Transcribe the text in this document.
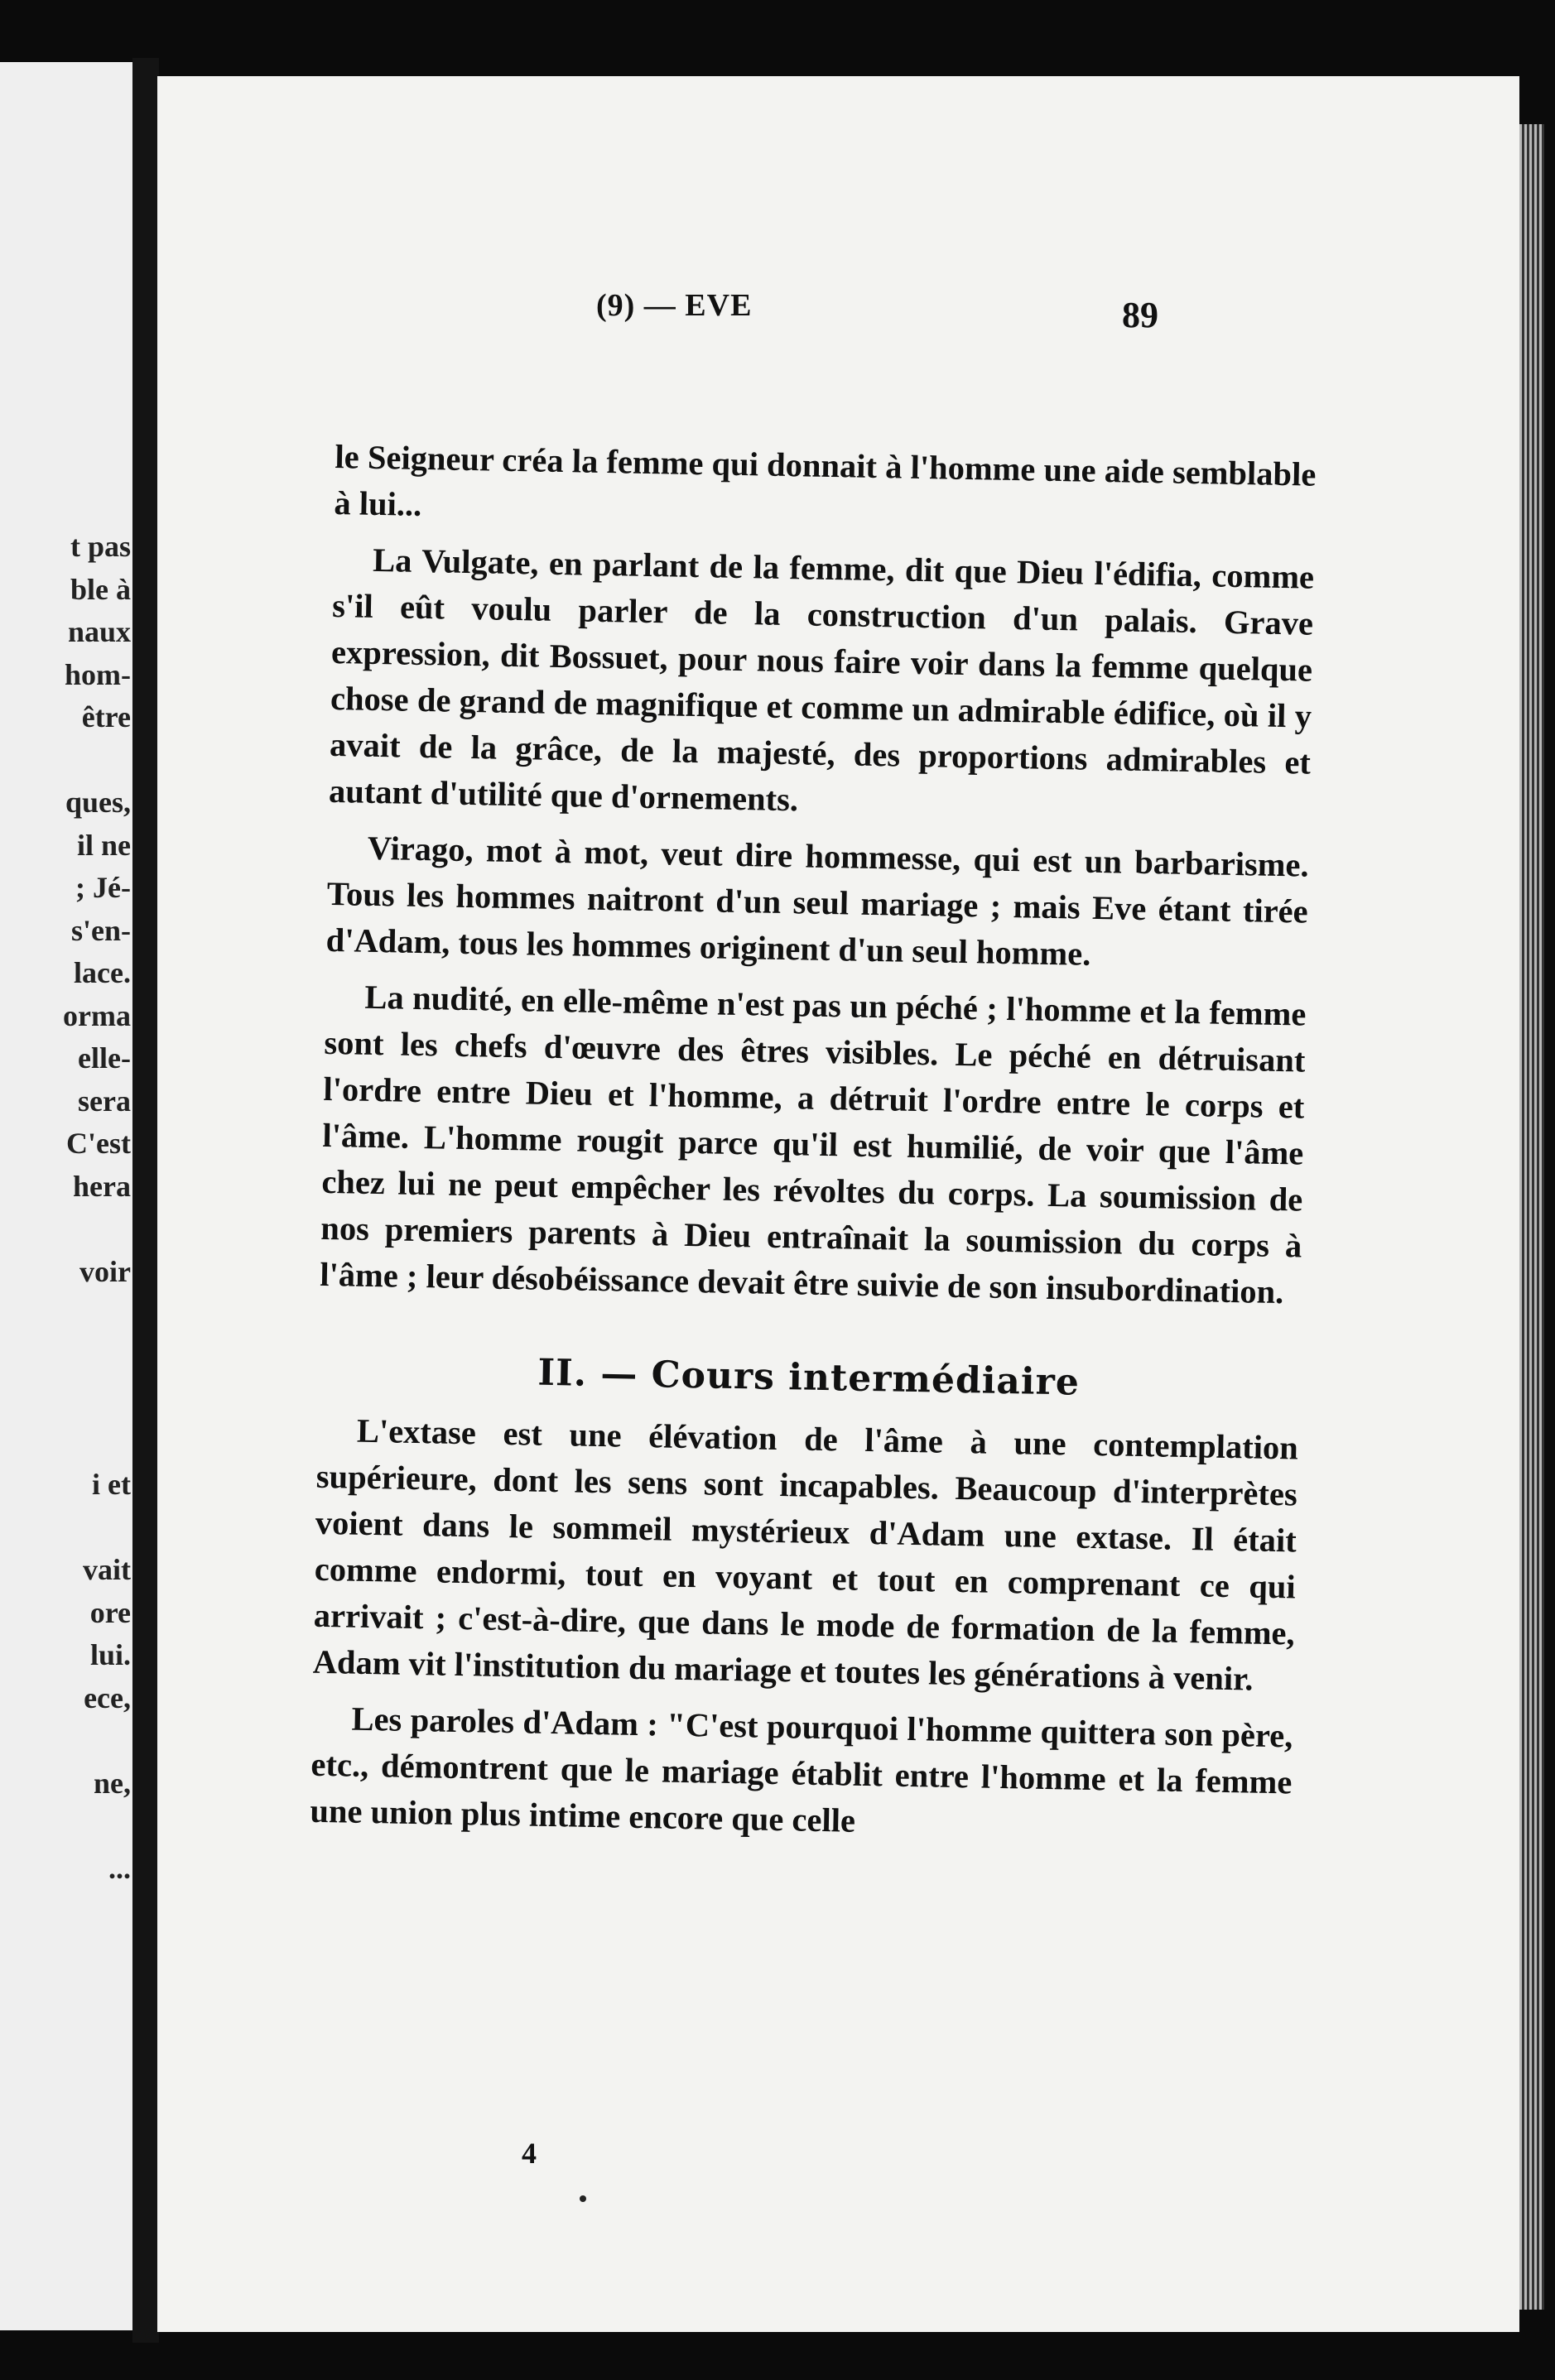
t pas
ble à
naux
hom-
être
ques,
il ne
; Jé-
s'en-
lace.
orma
elle-
sera
C'est
hera
voir
i et
vait
ore
lui.
ece,
ne,
...
(9) — EVE	89

le Seigneur créa la femme qui donnait à l'homme une aide semblable à lui...

La Vulgate, en parlant de la femme, dit que Dieu l'édifia, comme s'il eût voulu parler de la construction d'un palais. Grave expression, dit Bossuet, pour nous faire voir dans la femme quelque chose de grand de magnifique et comme un admirable édifice, où il y avait de la grâce, de la majesté, des proportions admirables et autant d'utilité que d'ornements.

Virago, mot à mot, veut dire hommesse, qui est un barbarisme. Tous les hommes naitront d'un seul mariage ; mais Eve étant tirée d'Adam, tous les hommes originent d'un seul homme.

La nudité, en elle-même n'est pas un péché ; l'homme et la femme sont les chefs d'œuvre des êtres visibles. Le péché en détruisant l'ordre entre Dieu et l'homme, a détruit l'ordre entre le corps et l'âme. L'homme rougit parce qu'il est humilié, de voir que l'âme chez lui ne peut empêcher les révoltes du corps. La soumission de nos premiers parents à Dieu entraînait la soumission du corps à l'âme ; leur désobéissance devait être suivie de son insubordination.

II. — Cours intermédiaire

L'extase est une élévation de l'âme à une contemplation supérieure, dont les sens sont incapables. Beaucoup d'interprètes voient dans le sommeil mystérieux d'Adam une extase. Il était comme endormi, tout en voyant et tout en comprenant ce qui arrivait ; c'est-à-dire, que dans le mode de formation de la femme, Adam vit l'institution du mariage et toutes les générations à venir.

Les paroles d'Adam : "C'est pourquoi l'homme quittera son père, etc., démontrent que le mariage établit entre l'homme et la femme une union plus intime encore que celle

4
